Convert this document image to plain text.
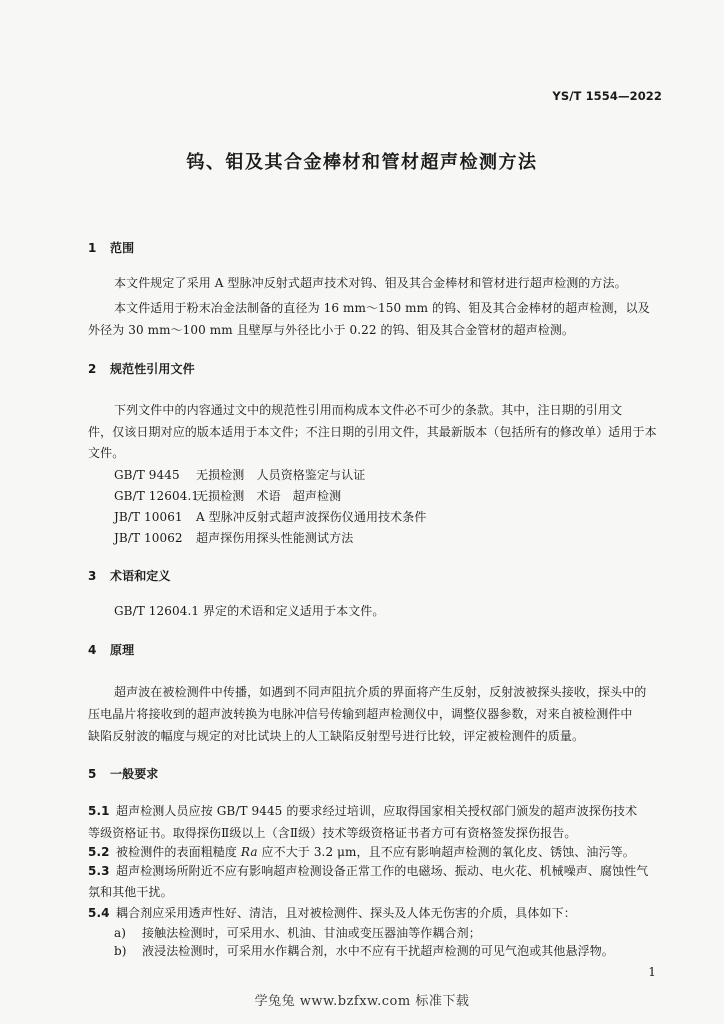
YS/T 1554—2022

钨、钼及其合金棒材和管材超声检测方法

1 范围

本文件规定了采用 A 型脉冲反射式超声技术对钨、钼及其合金棒材和管材进行超声检测的方法。

本文件适用于粉末冶金法制备的直径为 16 mm～150 mm 的钨、钼及其合金棒材的超声检测，以及

外径为 30 mm～100 mm 且壁厚与外径比小于 0.22 的钨、钼及其合金管材的超声检测。

2 规范性引用文件

下列文件中的内容通过文中的规范性引用而构成本文件必不可少的条款。其中，注日期的引用文

件，仅该日期对应的版本适用于本文件；不注日期的引用文件，其最新版本（包括所有的修改单）适用于本

文件。

GB/T 9445 无损检测　人员资格鉴定与认证

GB/T 12604.1无损检测　术语　超声检测

JB/T 10061 A 型脉冲反射式超声波探伤仪通用技术条件

JB/T 10062 超声探伤用探头性能测试方法

3 术语和定义

GB/T 12604.1 界定的术语和定义适用于本文件。

4 原理

超声波在被检测件中传播，如遇到不同声阻抗介质的界面将产生反射，反射波被探头接收，探头中的

压电晶片将接收到的超声波转换为电脉冲信号传输到超声检测仪中，调整仪器参数，对来自被检测件中

缺陷反射波的幅度与规定的对比试块上的人工缺陷反射型号进行比较，评定被检测件的质量。

5 一般要求

5.1 超声检测人员应按 GB/T 9445 的要求经过培训，应取得国家相关授权部门颁发的超声波探伤技术

等级资格证书。取得探伤Ⅱ级以上（含Ⅱ级）技术等级资格证书者方可有资格签发探伤报告。

5.2 被检测件的表面粗糙度 Ra 应不大于 3.2 μm，且不应有影响超声检测的氧化皮、锈蚀、油污等。

5.3 超声检测场所附近不应有影响超声检测设备正常工作的电磁场、振动、电火花、机械噪声、腐蚀性气

氛和其他干扰。

5.4 耦合剂应采用透声性好、清洁，且对被检测件、探头及人体无伤害的介质，具体如下：

a) 接触法检测时，可采用水、机油、甘油或变压器油等作耦合剂；

b) 液浸法检测时，可采用水作耦合剂，水中不应有干扰超声检测的可见气泡或其他悬浮物。

1

学兔兔 www.bzfxw.com 标准下载
